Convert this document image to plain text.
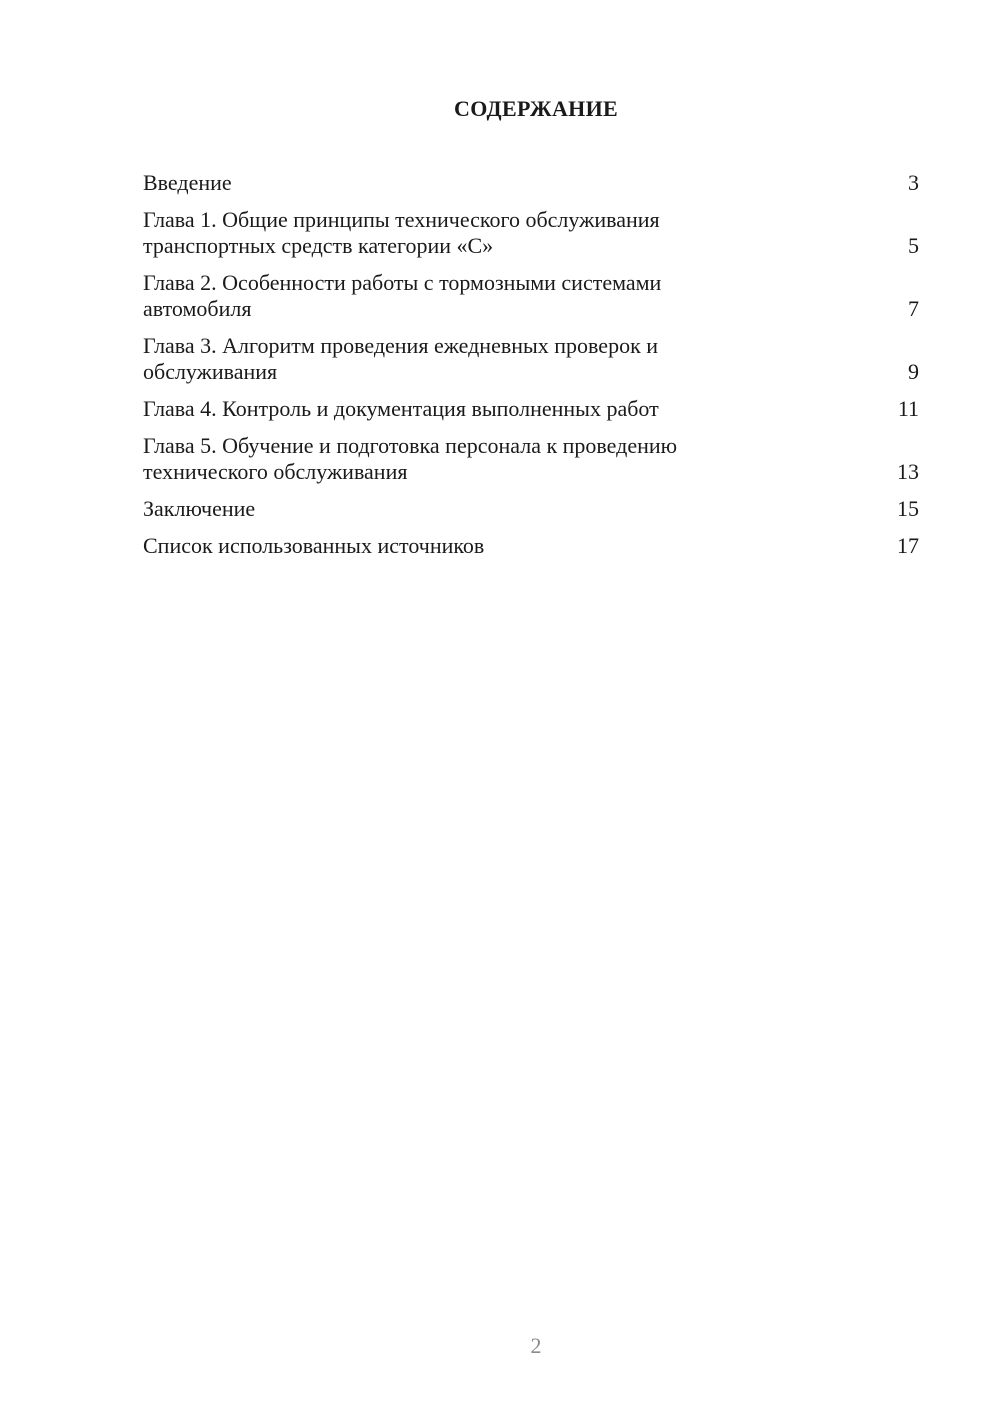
СОДЕРЖАНИЕ
Введение	3
Глава 1. Общие принципы технического обслуживания
транспортных средств категории «С»	5
Глава 2. Особенности работы с тормозными системами
автомобиля	7
Глава 3. Алгоритм проведения ежедневных проверок и
обслуживания	9
Глава 4. Контроль и документация выполненных работ	11
Глава 5. Обучение и подготовка персонала к проведению
технического обслуживания	13
Заключение	15
Список использованных источников	17
2
